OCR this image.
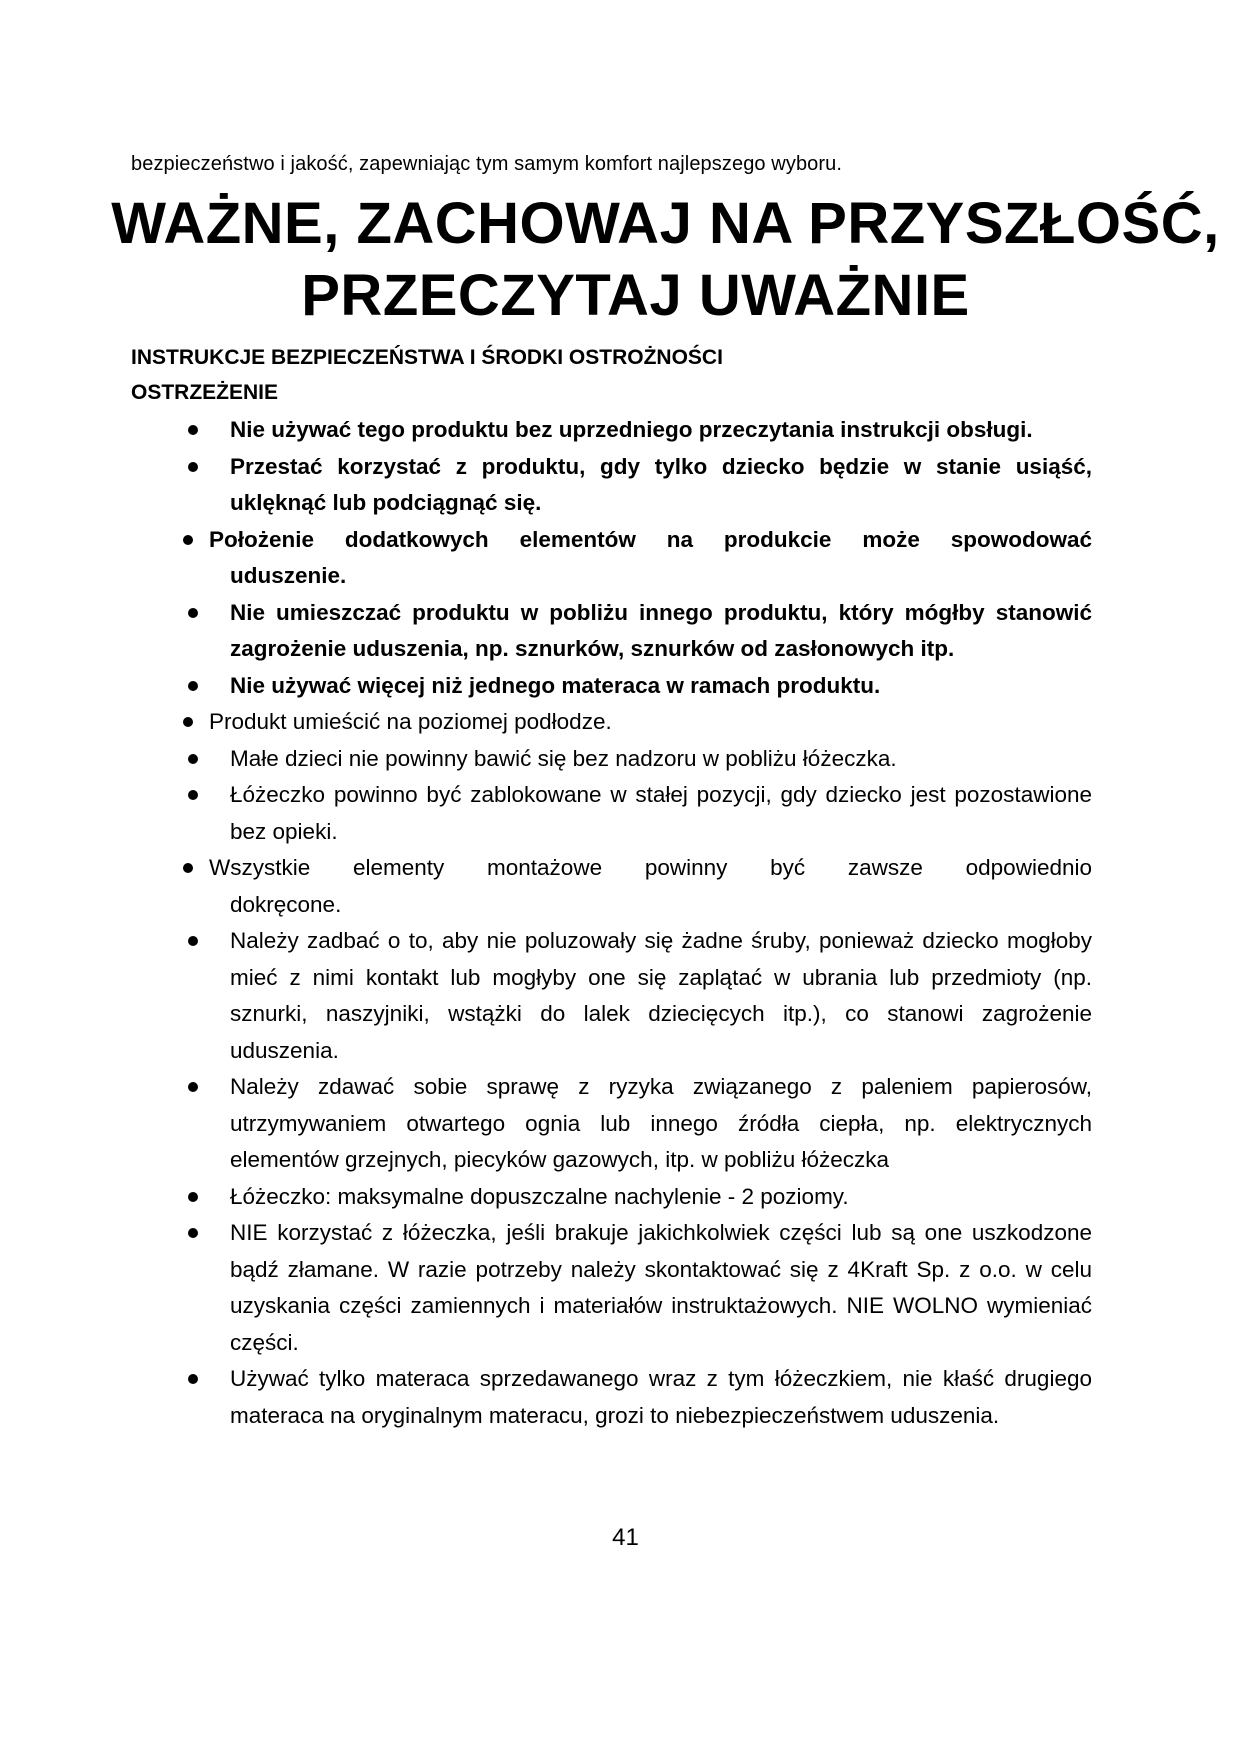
bezpieczeństwo i jakość, zapewniając tym samym komfort najlepszego wyboru.
WAŻNE, ZACHOWAJ NA PRZYSZŁOŚĆ,
PRZECZYTAJ UWAŻNIE
INSTRUKCJE BEZPIECZEŃSTWA I ŚRODKI OSTROŻNOŚCI
OSTRZEŻENIE
Nie używać tego produktu bez uprzedniego przeczytania instrukcji obsługi.
Przestać korzystać z produktu, gdy tylko dziecko będzie w stanie usiąść, uklęknąć lub podciągnąć się.
Położenie dodatkowych elementów na produkcie może spowodować
uduszenie.
Nie umieszczać produktu w pobliżu innego produktu, który mógłby stanowić zagrożenie uduszenia, np. sznurków, sznurków od zasłonowych itp.
Nie używać więcej niż jednego materaca w ramach produktu.
Produkt umieścić na poziomej podłodze.
Małe dzieci nie powinny bawić się bez nadzoru w pobliżu łóżeczka.
Łóżeczko powinno być zablokowane w stałej pozycji, gdy dziecko jest pozostawione bez opieki.
Wszystkie elementy montażowe powinny być zawsze odpowiednio
dokręcone.
Należy zadbać o to, aby nie poluzowały się żadne śruby, ponieważ dziecko mogłoby mieć z nimi kontakt lub mogłyby one się zaplątać w ubrania lub przedmioty (np. sznurki, naszyjniki, wstążki do lalek dziecięcych itp.), co stanowi zagrożenie uduszenia.
Należy zdawać sobie sprawę z ryzyka związanego z paleniem papierosów, utrzymywaniem otwartego ognia lub innego źródła ciepła, np. elektrycznych elementów grzejnych, piecyków gazowych, itp. w pobliżu łóżeczka
Łóżeczko: maksymalne dopuszczalne nachylenie - 2 poziomy.
NIE korzystać z łóżeczka, jeśli brakuje jakichkolwiek części lub są one uszkodzone bądź złamane. W razie potrzeby należy skontaktować się z 4Kraft Sp. z o.o. w celu uzyskania części zamiennych i materiałów instruktażowych. NIE WOLNO wymieniać części.
Używać tylko materaca sprzedawanego wraz z tym łóżeczkiem, nie kłaść drugiego materaca na oryginalnym materacu, grozi to niebezpieczeństwem uduszenia.
41
